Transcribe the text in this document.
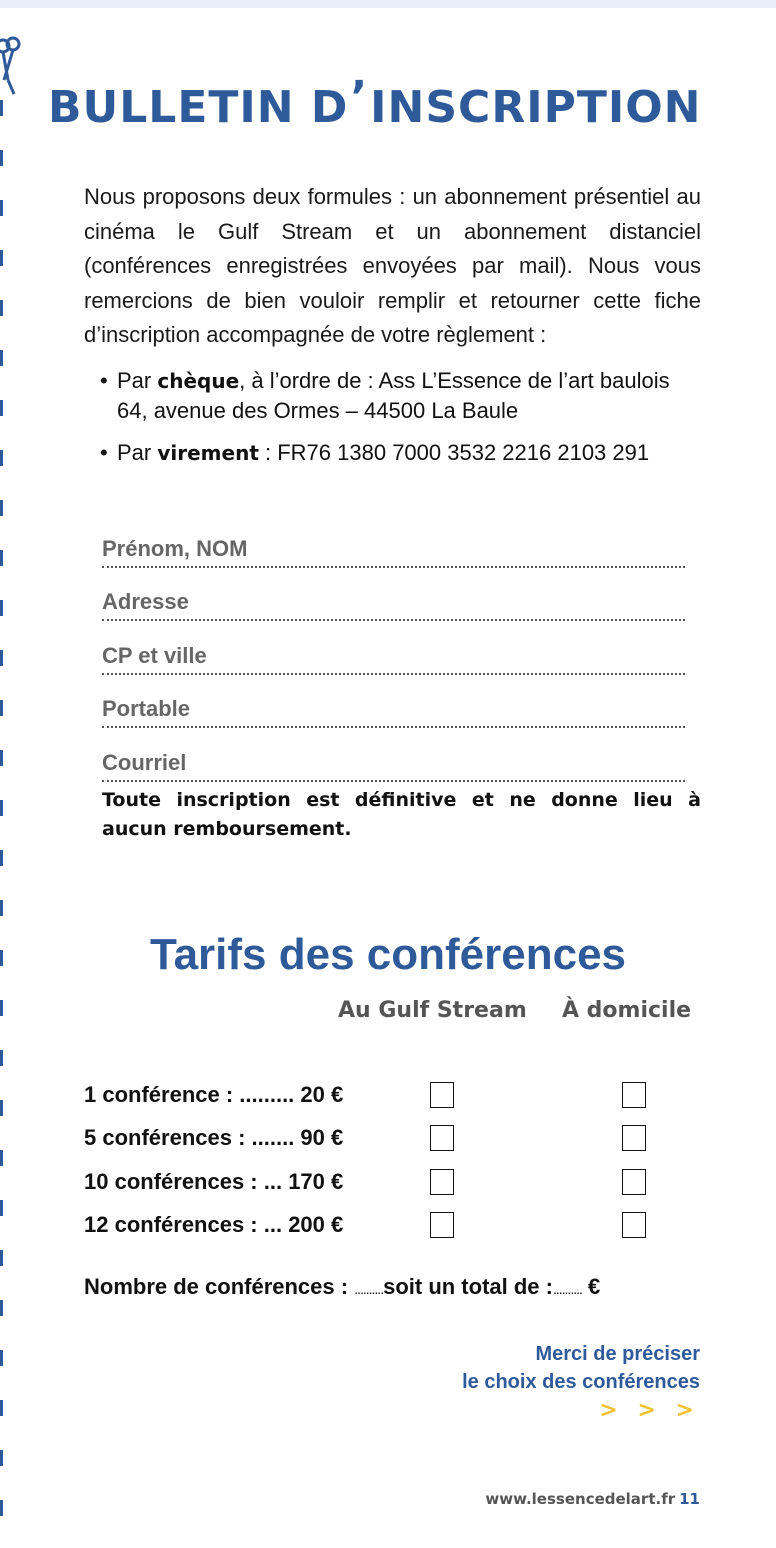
BULLETIN D’INSCRIPTION

Nous proposons deux formules : un abonnement présentiel au cinéma le Gulf Stream et un abonnement distanciel (conférences enregistrées envoyées par mail). Nous vous remercions de bien vouloir remplir et retourner cette fiche d’inscription accompagnée de votre règlement :

• Par chèque, à l’ordre de : Ass L’Essence de l’art baulois
64, avenue des Ormes – 44500 La Baule
• Par virement : FR76 1380 7000 3532 2216 2103 291
Prénom, NOM
Adresse
CP et ville
Portable
Courriel

Toute inscription est définitive et ne donne lieu à aucun remboursement.

Tarifs des conférences
Au Gulf Stream À domicile
1 conférence : ......... 20 €
5 conférences : ....... 90 €
10 conférences : ... 170 €
12 conférences : ... 200 €
Nombre de conférences : ..........soit un total de :.......... €
Merci de préciser
le choix des conférences
> > >
www.lessencedelart.fr 11
